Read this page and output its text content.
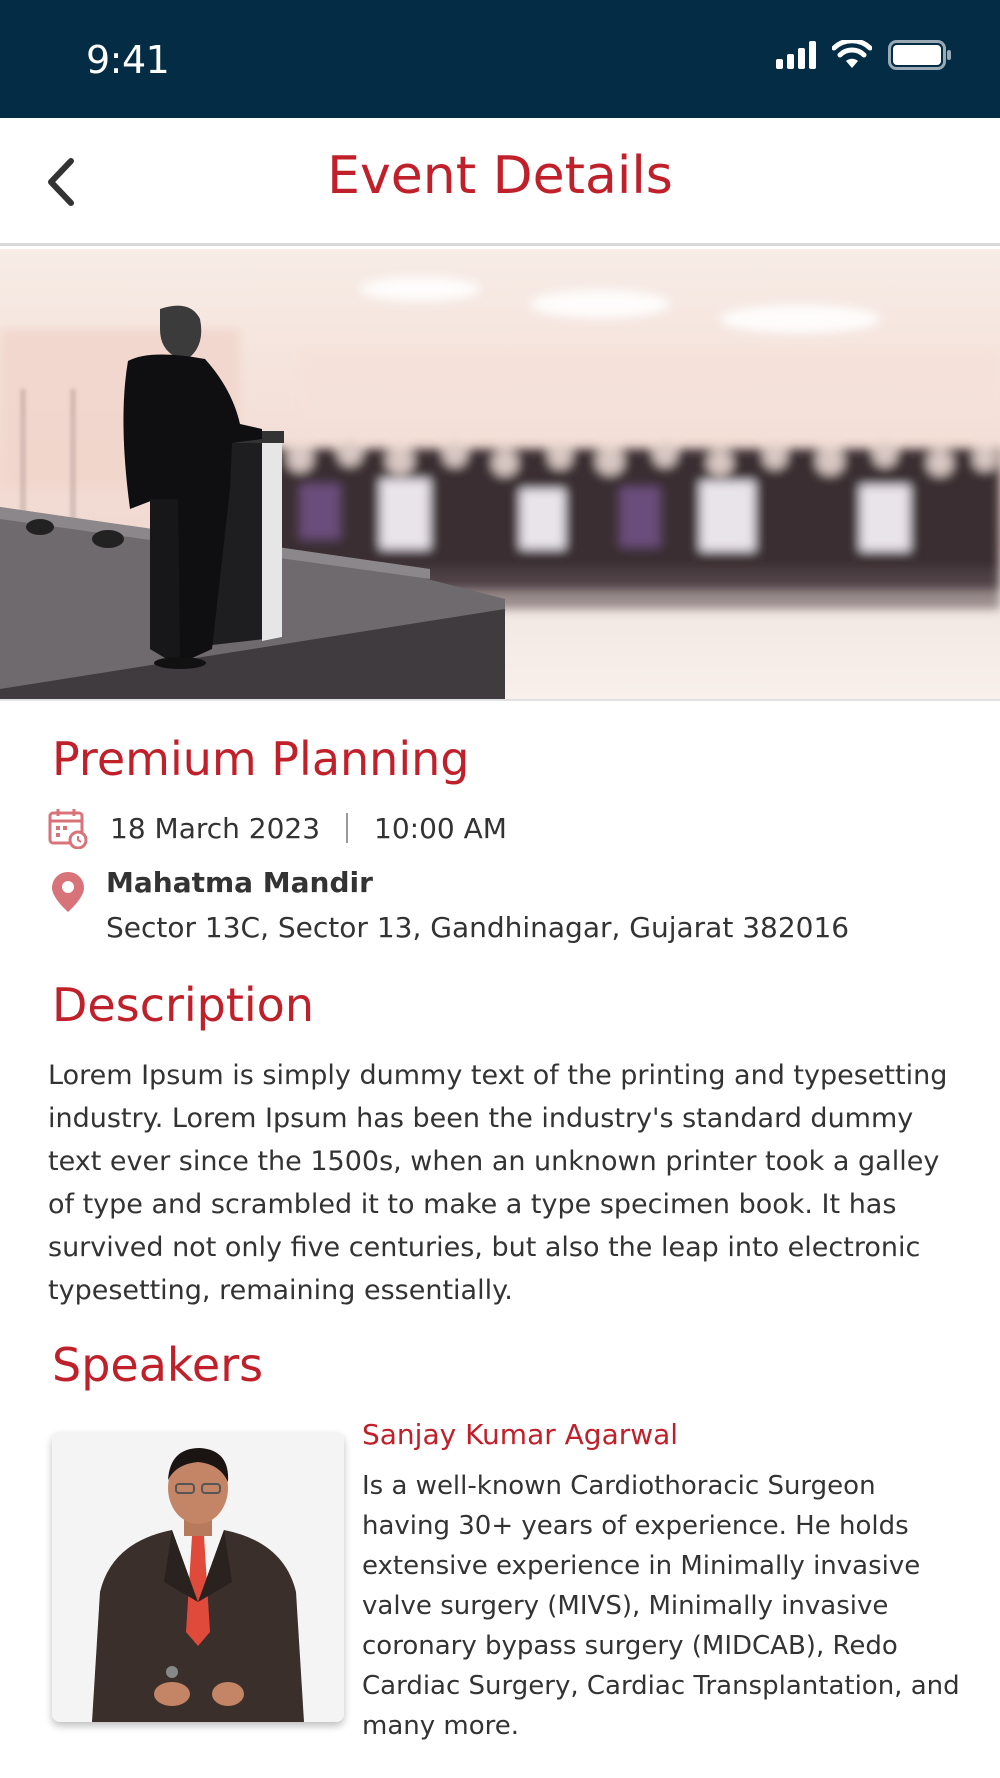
9:41
Event Details
Premium Planning
18 March 2023 10:00 AM
Mahatma Mandir
Sector 13C, Sector 13, Gandhinagar, Gujarat 382016
Description
Lorem Ipsum is simply dummy text of the printing and typesetting industry. Lorem Ipsum has been the industry's standard dummy text ever since the 1500s, when an unknown printer took a galley of type and scrambled it to make a type specimen book. It has survived not only five centuries, but also the leap into electronic typesetting, remaining essentially.
Speakers
Sanjay Kumar Agarwal
Is a well-known Cardiothoracic Surgeon having 30+ years of experience. He holds extensive experience in Minimally invasive valve surgery (MIVS), Minimally invasive coronary bypass surgery (MIDCAB), Redo Cardiac Surgery, Cardiac Transplantation, and many more.
